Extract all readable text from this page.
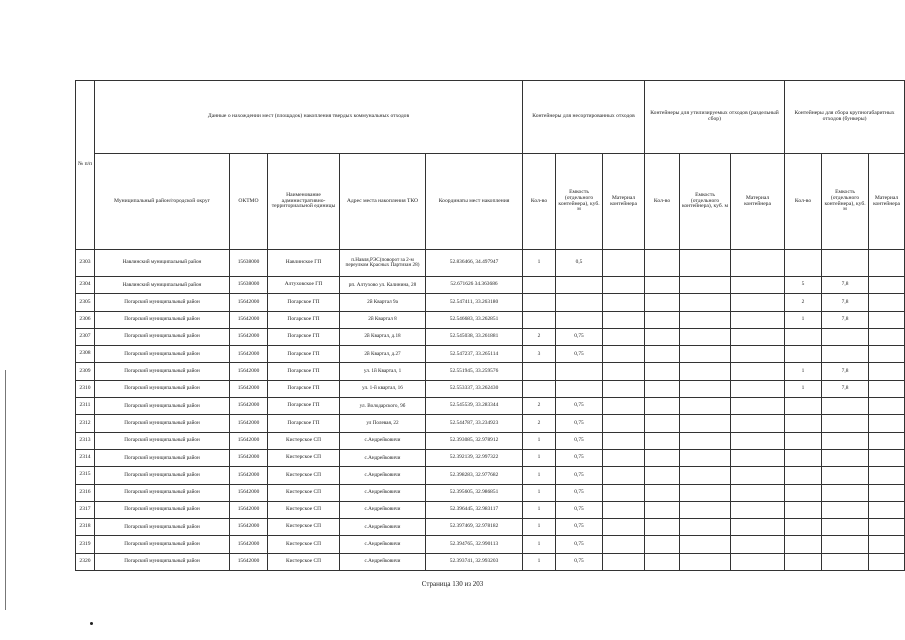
№ п/п	Данные о нахождении мест (площадок) накопления твердых коммунальных отходов					Контейнеры для несортированных отходов			Контейнеры для утилизируемых отходов (раздельный сбор)			Контейнеры для сбора крупногабаритных отходов (бункеры)		
	Муниципальный район/городской округ	ОКТМО	Наименование административно-территориальной единицы	Адрес места накопления ТКО	Координаты мест накопления	Кол-во	Емкость (отдельного контейнера), куб. м	Материал контейнера	Кол-во	Емкость (отдельного контейнера), куб. м	Материал контейнера	Кол-во	Емкость (отдельного контейнера), куб. м	Материал контейнера
2303	Навлинский муниципальный район	15638000	Навлинское ГП	п.Навля,РЭС(поворот за 2-м переулком Красных Партизан 28)	52.836466, 34.497947	1	0,5							
2304	Навлинский муниципальный район	15638000	Алтуховское ГП	рп. Алтухово ул. Калинина, 28	52.671626 34.363686							5	7,8	
2305	Погарский муниципальный район	15642000	Погарское ГП	2й Квартал 9а	52.547411, 33.263180							2	7,8	
2306	Погарский муниципальный район	15642000	Погарское ГП	2й Квартал 8	52.546683, 33.262851							1	7,8	
2307	Погарский муниципальный район	15642000	Погарское ГП	2й Квартал, д.18	52.545038, 33.261881	2	0,75							
2308	Погарский муниципальный район	15642000	Погарское ГП	2й Квартал, д.27	52.547237, 33.265114	3	0,75							
2309	Погарский муниципальный район	15642000	Погарское ГП	ул. 1й Квартал, 1	52.551945, 33.259576							1	7,8	
2310	Погарский муниципальный район	15642000	Погарское ГП	ул. 1-й квартал, 16	52.553337, 33.262430							1	7,8	
2311	Погарский муниципальный район	15642000	Погарское ГП	ул. Володарского, 9б	52.545539, 33.283344	2	0,75							
2312	Погарский муниципальный район	15642000	Погарское ГП	ул Полевая, 22	52.544787, 33.234923	2	0,75							
2313	Погарский муниципальный район	15642000	Кистерское СП	с.Андрейковичи	52.393085, 32.978912	1	0,75							
2314	Погарский муниципальный район	15642000	Кистерское СП	с.Андрейковичи	52.392139, 32.997322	1	0,75							
2315	Погарский муниципальный район	15642000	Кистерское СП	с.Андрейковичи	52.398283, 32.977682	1	0,75							
2316	Погарский муниципальный район	15642000	Кистерское СП	с.Андрейковичи	52.395605, 32.986851	1	0,75							
2317	Погарский муниципальный район	15642000	Кистерское СП	с.Андрейковичи	52.396445, 32.983117	1	0,75							
2318	Погарский муниципальный район	15642000	Кистерское СП	с.Андрейковичи	52.397469, 32.978182	1	0,75							
2319	Погарский муниципальный район	15642000	Кистерское СП	с.Андрейковичи	52.394765, 32.990113	1	0,75							
2320	Погарский муниципальный район	15642000	Кистерское СП	с.Андрейковичи	52.393741, 32.993203	1	0,75							
Страница 130 из 203
